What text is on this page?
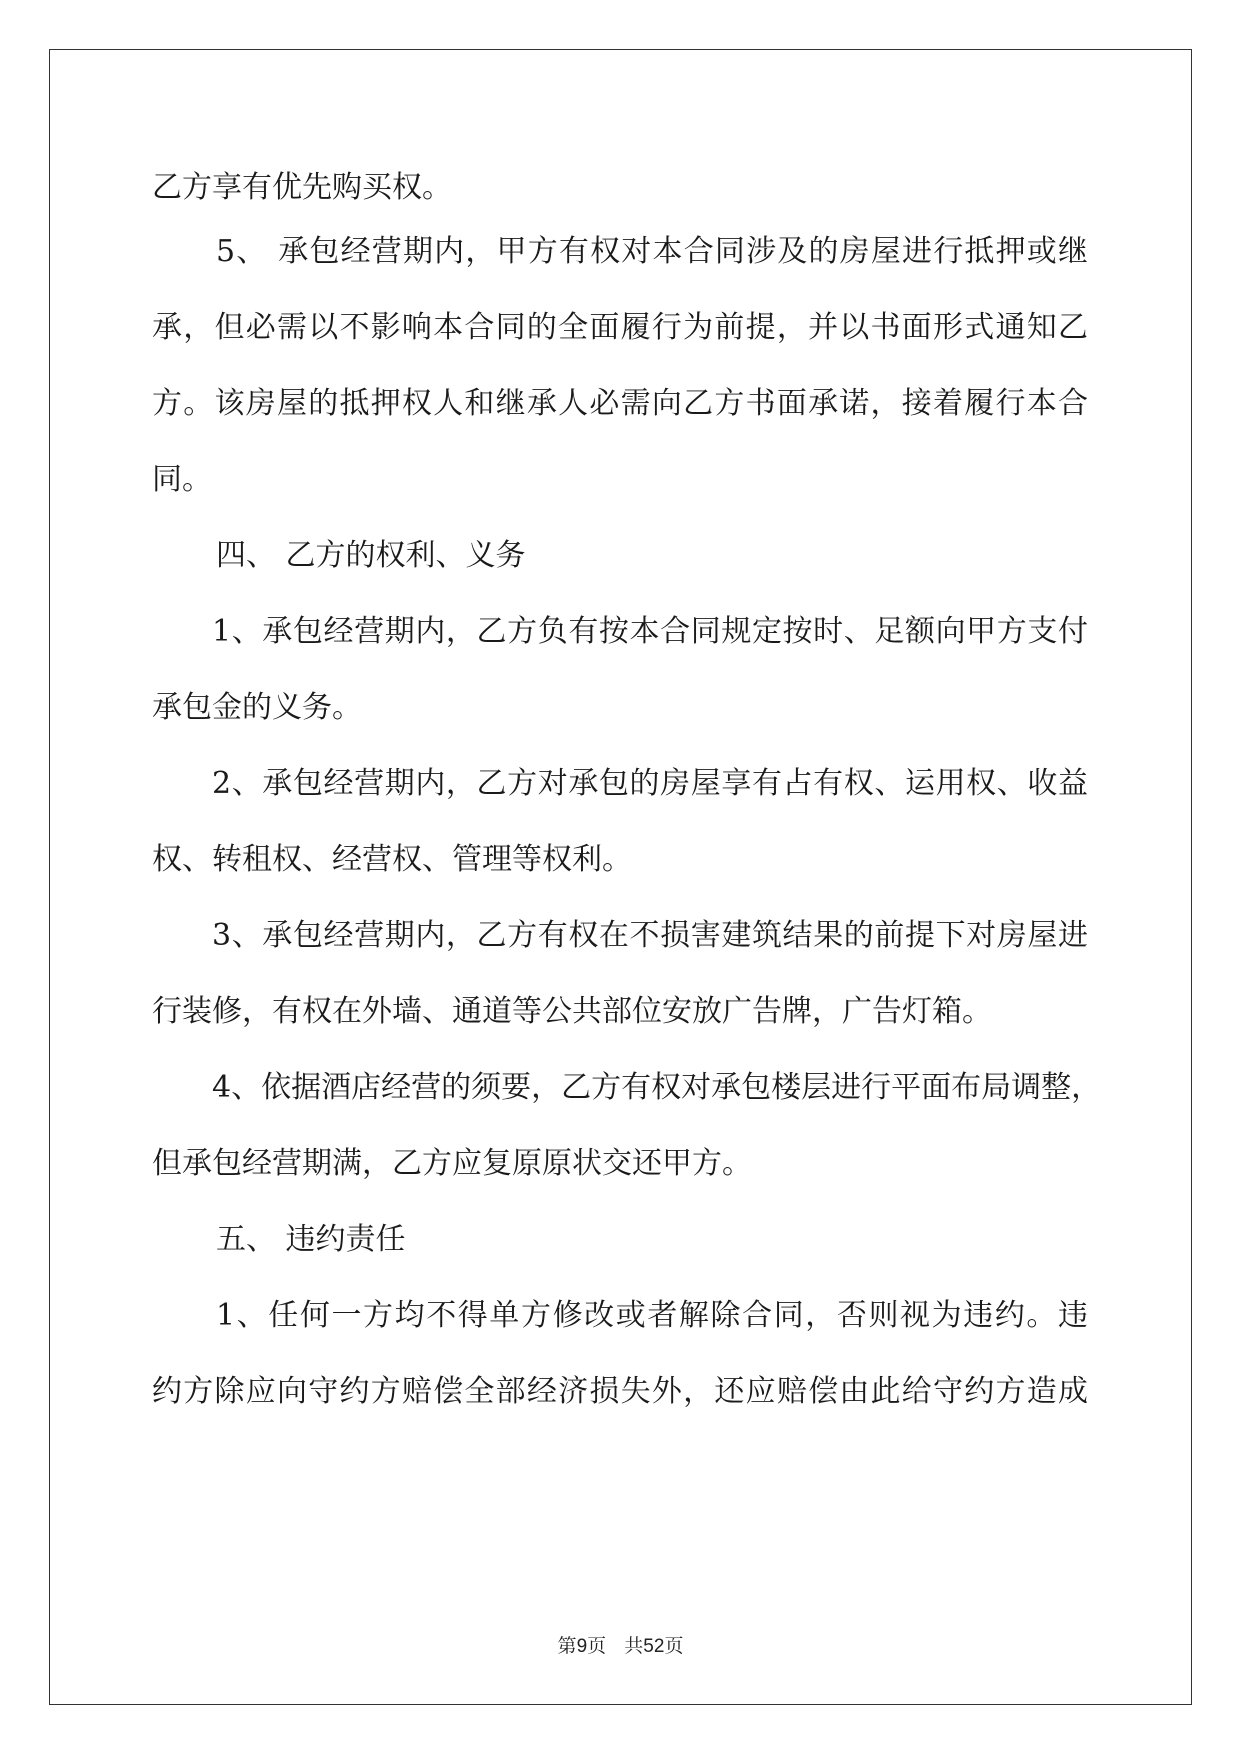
乙方享有优先购买权。
5、 承包经营期内，甲方有权对本合同涉及的房屋进行抵押或继
承，但必需以不影响本合同的全面履行为前提，并以书面形式通知乙
方。该房屋的抵押权人和继承人必需向乙方书面承诺，接着履行本合
同。
四、 乙方的权利、义务
1、承包经营期内，乙方负有按本合同规定按时、足额向甲方支付
承包金的义务。
2、承包经营期内，乙方对承包的房屋享有占有权、运用权、收益
权、转租权、经营权、管理等权利。
3、承包经营期内，乙方有权在不损害建筑结果的前提下对房屋进
行装修，有权在外墙、通道等公共部位安放广告牌，广告灯箱。
4、依据酒店经营的须要，乙方有权对承包楼层进行平面布局调整，
但承包经营期满，乙方应复原原状交还甲方。
五、 违约责任
1、任何一方均不得单方修改或者解除合同，否则视为违约。违
约方除应向守约方赔偿全部经济损失外，还应赔偿由此给守约方造成
第9页 共52页
